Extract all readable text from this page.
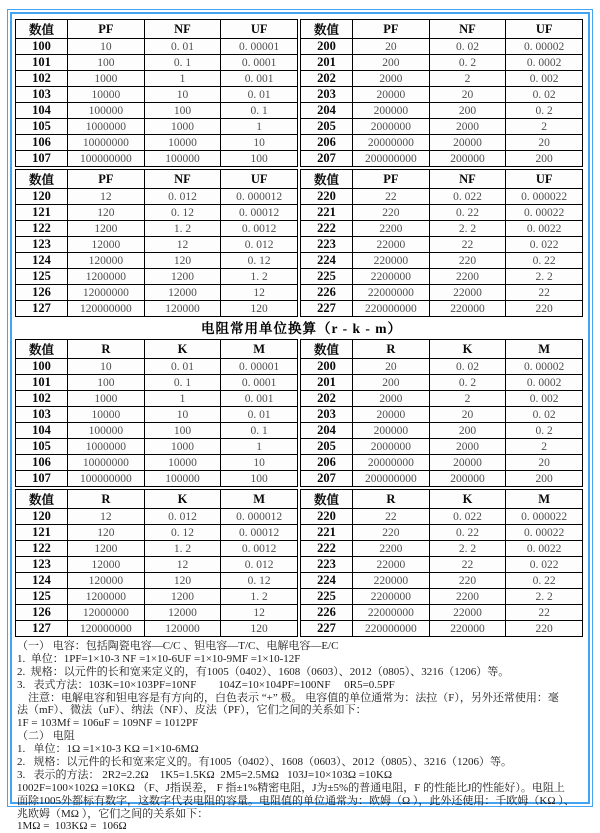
数值	PF	NF	UF
100	10	0. 01	0. 00001
101	100	0. 1	0. 0001
102	1000	1	0. 001
103	10000	10	0. 01
104	100000	100	0. 1
105	1000000	1000	1
106	10000000	10000	10
107	100000000	100000	100
数值	PF	NF	UF
200	20	0. 02	0. 00002
201	200	0. 2	0. 0002
202	2000	2	0. 002
203	20000	20	0. 02
204	200000	200	0. 2
205	2000000	2000	2
206	20000000	20000	20
207	200000000	200000	200
数值	PF	NF	UF
120	12	0. 012	0. 000012
121	120	0. 12	0. 00012
122	1200	1. 2	0. 0012
123	12000	12	0. 012
124	120000	120	0. 12
125	1200000	1200	1. 2
126	12000000	12000	12
127	120000000	120000	120
数值	PF	NF	UF
220	22	0. 022	0. 000022
221	220	0. 22	0. 00022
222	2200	2. 2	0. 0022
223	22000	22	0. 022
224	220000	220	0. 22
225	2200000	2200	2. 2
226	22000000	22000	22
227	220000000	220000	220
电阻常用单位换算（r - k - m）
数值	R	K	M
100	10	0. 01	0. 00001
101	100	0. 1	0. 0001
102	1000	1	0. 001
103	10000	10	0. 01
104	100000	100	0. 1
105	1000000	1000	1
106	10000000	10000	10
107	100000000	100000	100
数值	R	K	M
200	20	0. 02	0. 00002
201	200	0. 2	0. 0002
202	2000	2	0. 002
203	20000	20	0. 02
204	200000	200	0. 2
205	2000000	2000	2
206	20000000	20000	20
207	200000000	200000	200
数值	R	K	M
120	12	0. 012	0. 000012
121	120	0. 12	0. 00012
122	1200	1. 2	0. 0012
123	12000	12	0. 012
124	120000	120	0. 12
125	1200000	1200	1. 2
126	12000000	12000	12
127	120000000	120000	120
数值	R	K	M
220	22	0. 022	0. 000022
221	220	0. 22	0. 00022
222	2200	2. 2	0. 0022
223	22000	22	0. 022
224	220000	220	0. 22
225	2200000	2200	2. 2
226	22000000	22000	22
227	220000000	220000	220
（一） 电容：包括陶瓷电容—C/C 、钽电容—T/C、电解电容—E/C
1.  单位：1PF=1×10-3 NF =1×10-6UF =1×10-9MF =1×10-12F
2.  规格：以元件的长和宽来定义的，有1005（0402）、1608（0603）、2012（0805）、3216（1206）等。
3.   表式方法：103K=10×103PF=10NF        104Z=10×104PF=100NF     0R5=0.5PF
注意：电解电容和钽电容是有方向的，白色表示 “+” 极。 电容值的单位通常为：法拉（F），另外还常使用：毫
法（mF）、微法（uF）、纳法（NF）、皮法（PF），它们之间的关系如下：
1F = 103Mf = 106uF = 109NF = 1012PF
（二） 电阻
1.   单位：1Ω =1×10-3 KΩ =1×10-6MΩ
2.   规格：以元件的长和宽来定义的。有1005（0402）、1608（0603）、2012（0805）、3216（1206）等。
3.   表示的方法： 2R2=2.2Ω    1K5=1.5KΩ  2M5=2.5MΩ   103J=10×103Ω =10KΩ
1002F=100×102Ω =10KΩ （F、J指误差， F 指±1%精密电阻，J为±5%的普通电阻，F 的性能比J的性能好）。电阻上
面除1005外都标有数字，这数字代表电阻的容量。电阻值的单位通常为：欧姆（Ω ），此外还使用：千欧姆（KΩ ）、
兆欧姆（MΩ ），它们之间的关系如下：
1MΩ =  103KΩ =  106Ω
